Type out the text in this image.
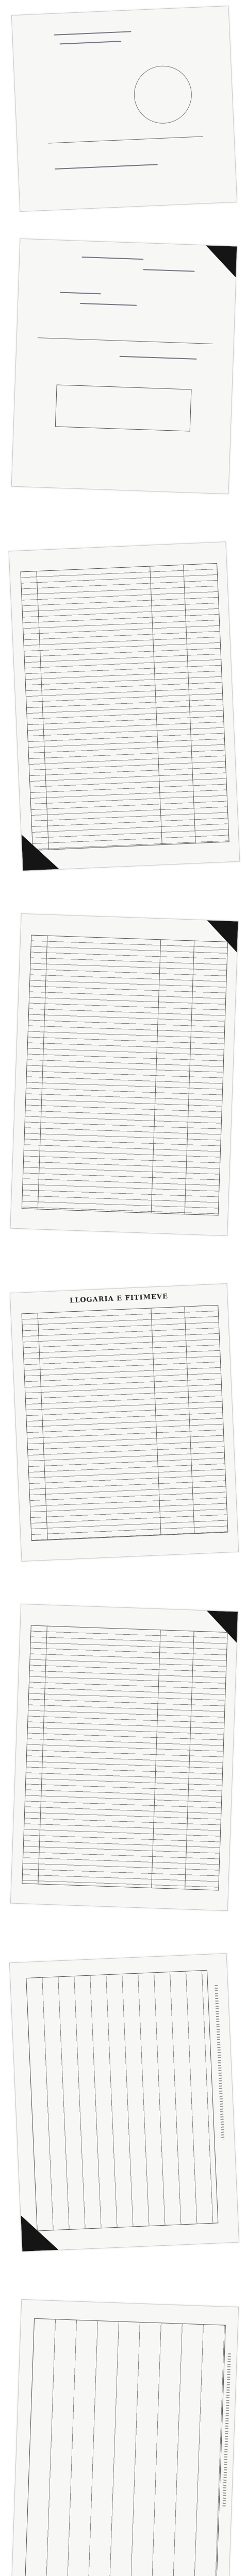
LLOGARIA E FITIMEVE
